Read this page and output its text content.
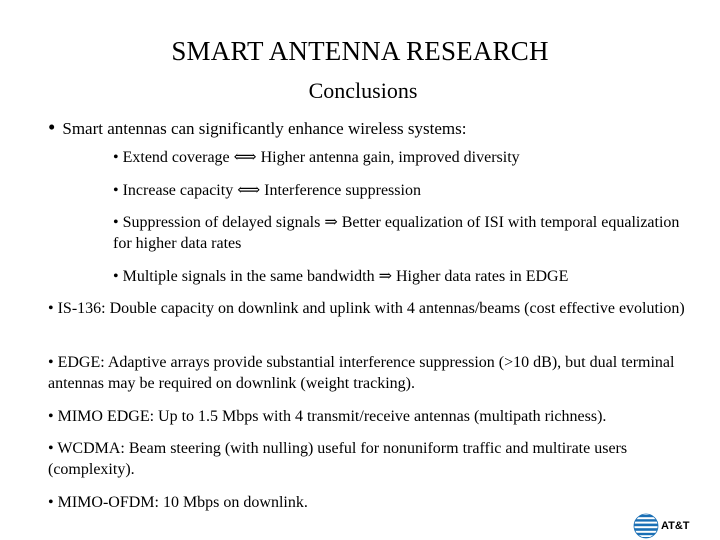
SMART ANTENNA RESEARCH
Conclusions
• Smart antennas can significantly enhance wireless systems:
• Extend coverage ⟺ Higher antenna gain, improved diversity
• Increase capacity ⟺ Interference suppression
• Suppression of delayed signals ⇒ Better equalization of ISI with temporal equalization for higher data rates
• Multiple signals in the same bandwidth ⇒ Higher data rates in EDGE
• IS-136: Double capacity on downlink and uplink with 4 antennas/beams (cost effective evolution)
• EDGE: Adaptive arrays provide substantial interference suppression (>10 dB), but dual terminal antennas may be required on downlink (weight tracking).
• MIMO EDGE: Up to 1.5 Mbps with 4 transmit/receive antennas (multipath richness).
• WCDMA: Beam steering (with nulling) useful for nonuniform traffic and multirate users (complexity).
• MIMO-OFDM: 10 Mbps on downlink.
AT&T
